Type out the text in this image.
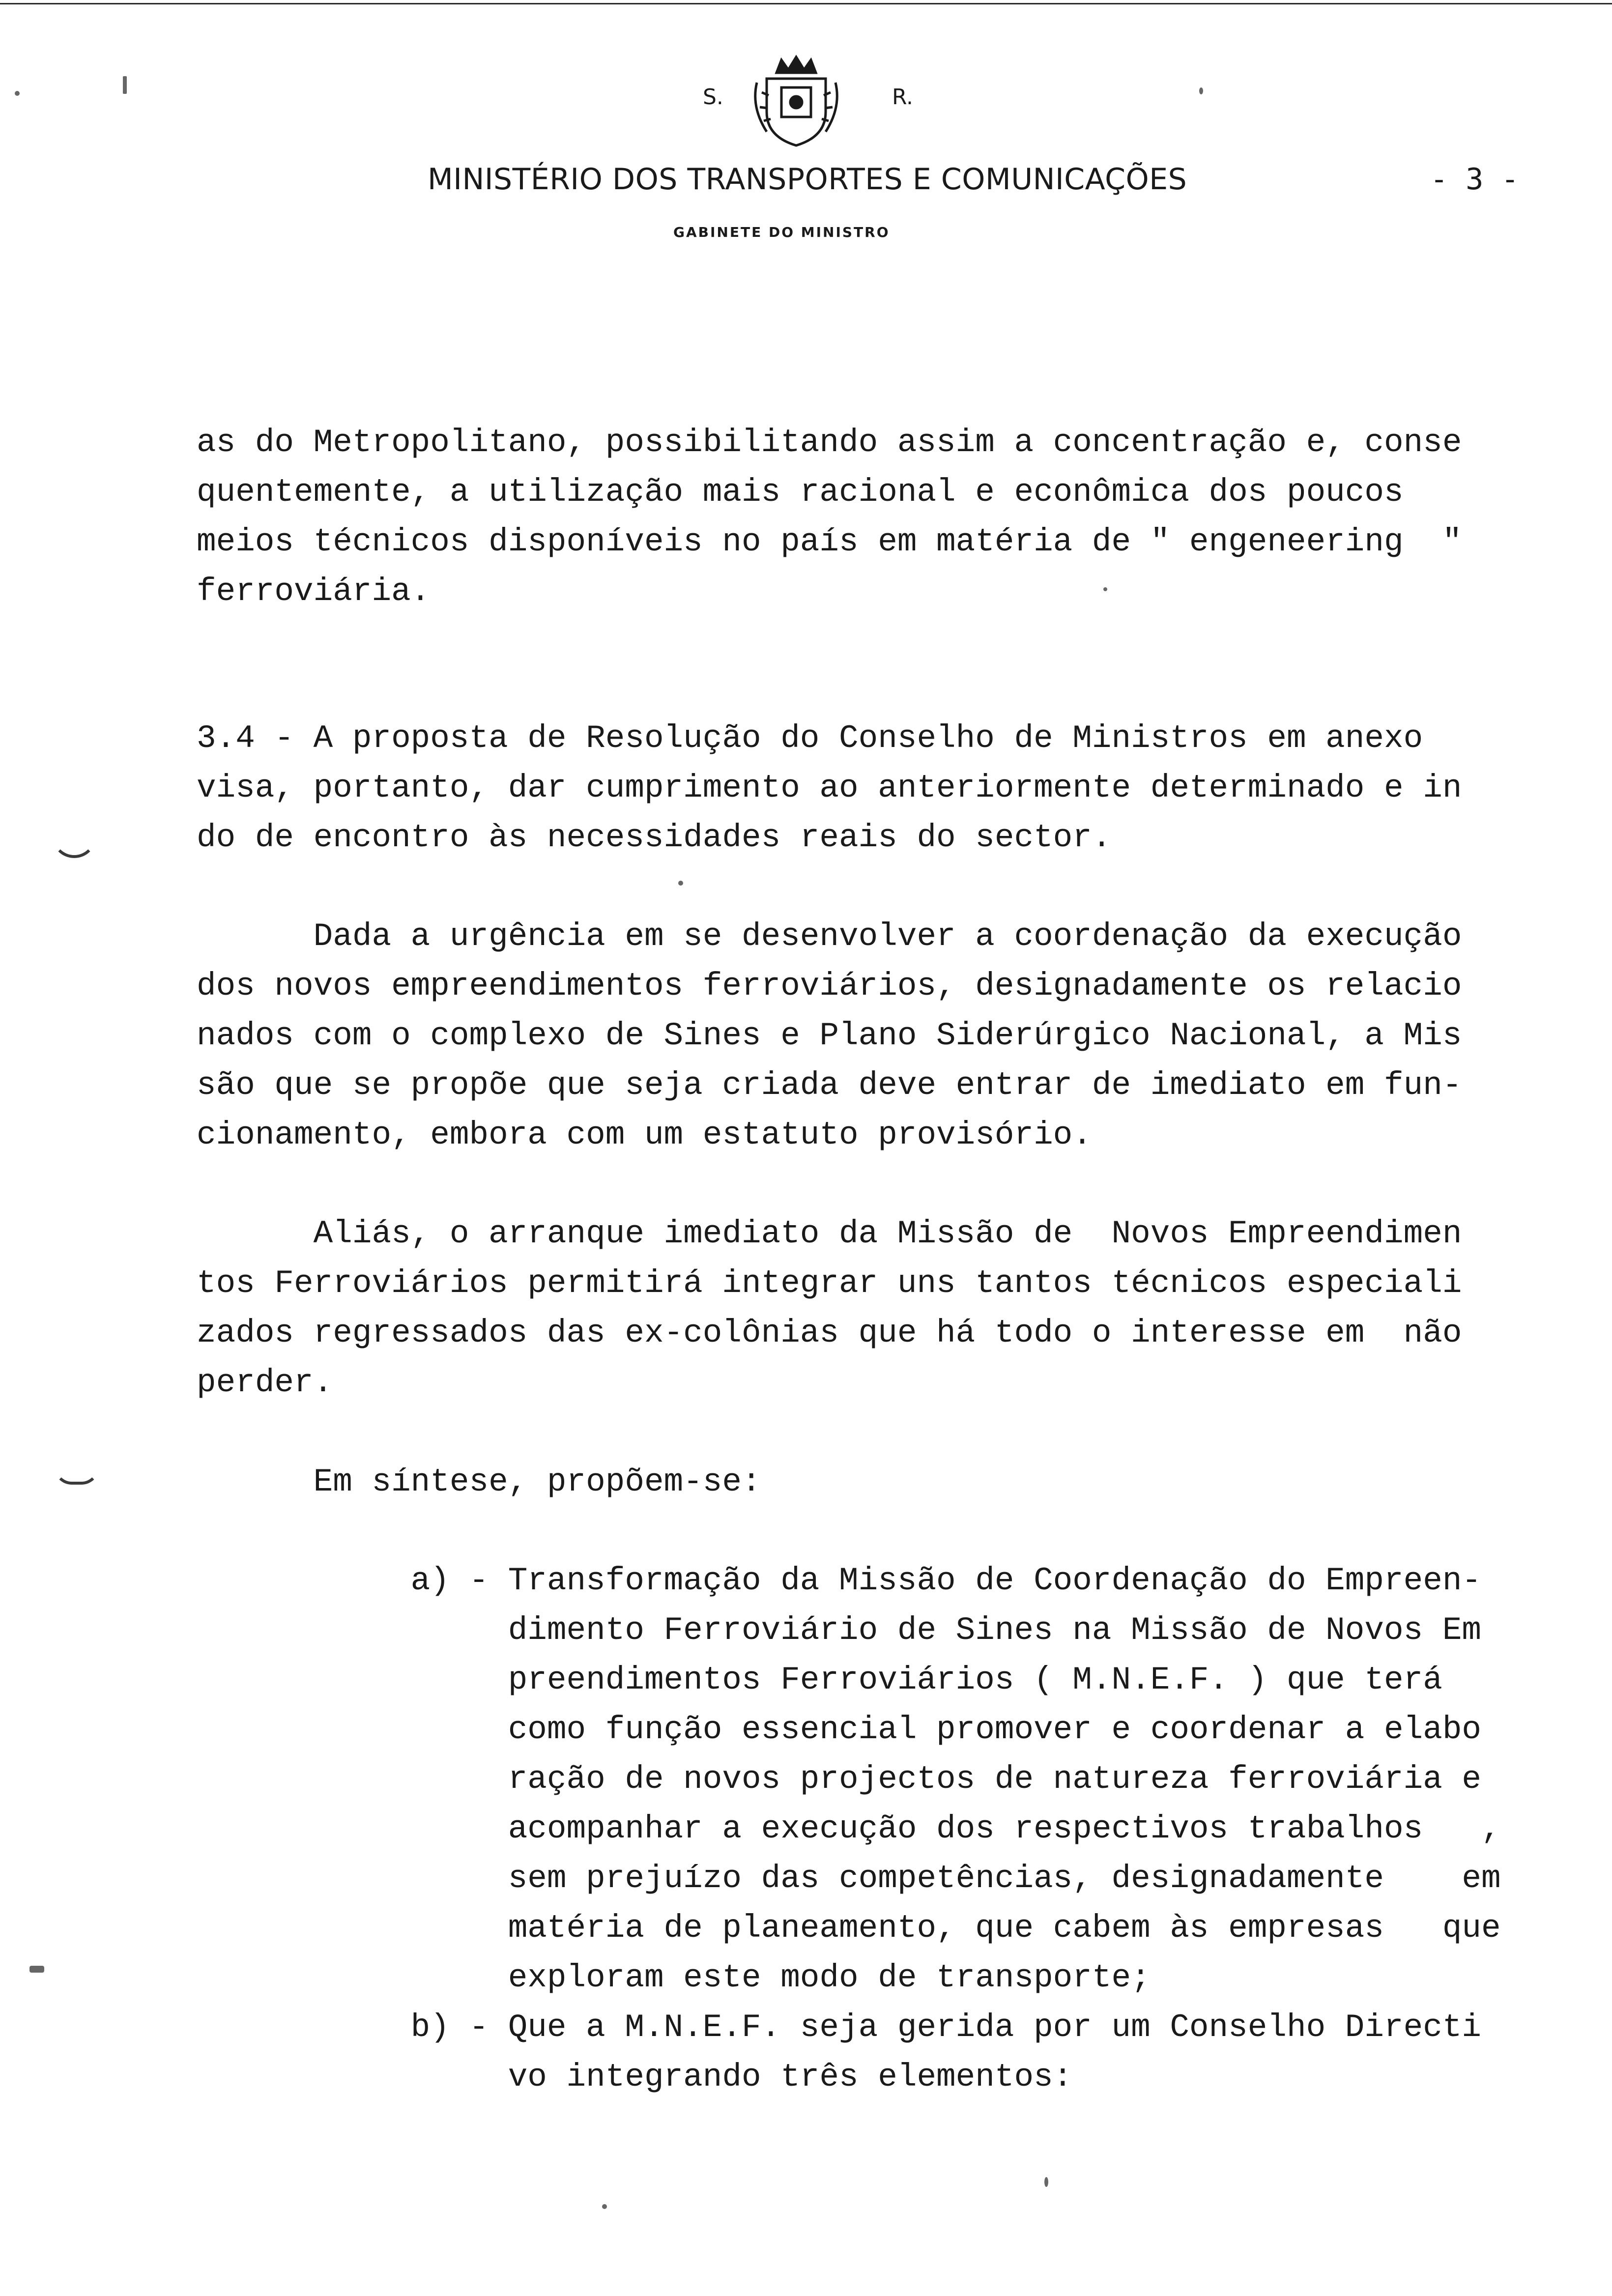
S.	R.
MINISTÉRIO DOS TRANSPORTES E COMUNICAÇÕES	- 3 -
GABINETE DO MINISTRO

as do Metropolitano, possibilitando assim a concentração e, conse

quentemente, a utilização mais racional e econômica dos poucos

meios técnicos disponíveis no país em matéria de " engeneering  "

ferroviária.

3.4 - A proposta de Resolução do Conselho de Ministros em anexo

visa, portanto, dar cumprimento ao anteriormente determinado e in

do de encontro às necessidades reais do sector.

Dada a urgência em se desenvolver a coordenação da execução

dos novos empreendimentos ferroviários, designadamente os relacio

nados com o complexo de Sines e Plano Siderúrgico Nacional, a Mis

são que se propõe que seja criada deve entrar de imediato em fun-

cionamento, embora com um estatuto provisório.

Aliás, o arranque imediato da Missão de  Novos Empreendimen

tos Ferroviários permitirá integrar uns tantos técnicos especiali

zados regressados das ex-colônias que há todo o interesse em  não

perder.

Em síntese, propõem-se:

a) - Transformação da Missão de Coordenação do Empreen-

dimento Ferroviário de Sines na Missão de Novos Em

preendimentos Ferroviários ( M.N.E.F. ) que terá

como função essencial promover e coordenar a elabo

ração de novos projectos de natureza ferroviária e

acompanhar a execução dos respectivos trabalhos   ,

sem prejuízo das competências, designadamente    em

matéria de planeamento, que cabem às empresas   que

exploram este modo de transporte;

b) - Que a M.N.E.F. seja gerida por um Conselho Directi

vo integrando três elementos:
